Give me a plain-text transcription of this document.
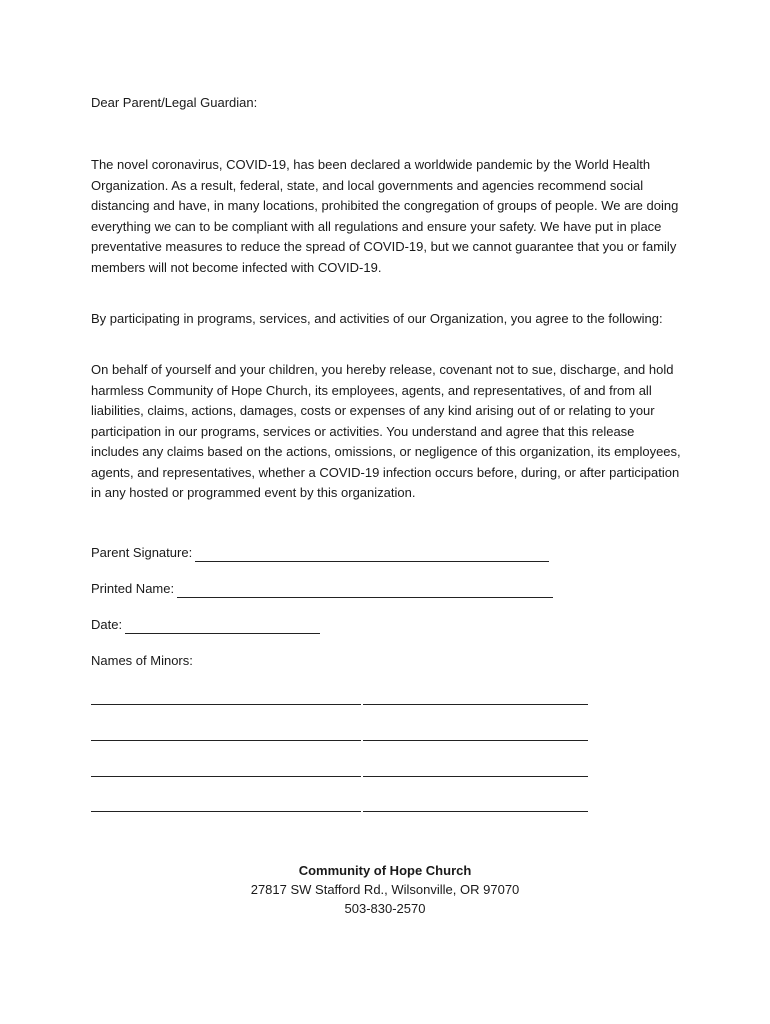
Dear Parent/Legal Guardian:

The novel coronavirus, COVID-19, has been declared a worldwide pandemic by the World Health Organization. As a result, federal, state, and local governments and agencies recommend social distancing and have, in many locations, prohibited the congregation of groups of people. We are doing everything we can to be compliant with all regulations and ensure your safety. We have put in place preventative measures to reduce the spread of COVID-19, but we cannot guarantee that you or family members will not become infected with COVID-19.

By participating in programs, services, and activities of our Organization, you agree to the following:

On behalf of yourself and your children, you hereby release, covenant not to sue, discharge, and hold harmless Community of Hope Church, its employees, agents, and representatives, of and from all liabilities, claims, actions, damages, costs or expenses of any kind arising out of or relating to your participation in our programs, services or activities. You understand and agree that this release includes any claims based on the actions, omissions, or negligence of this organization, its employees, agents, and representatives, whether a COVID-19 infection occurs before, during, or after participation in any hosted or programmed event by this organization.

Parent Signature:
Printed Name:
Date:
Names of Minors:
Community of Hope Church
27817 SW Stafford Rd., Wilsonville, OR 97070
503-830-2570
